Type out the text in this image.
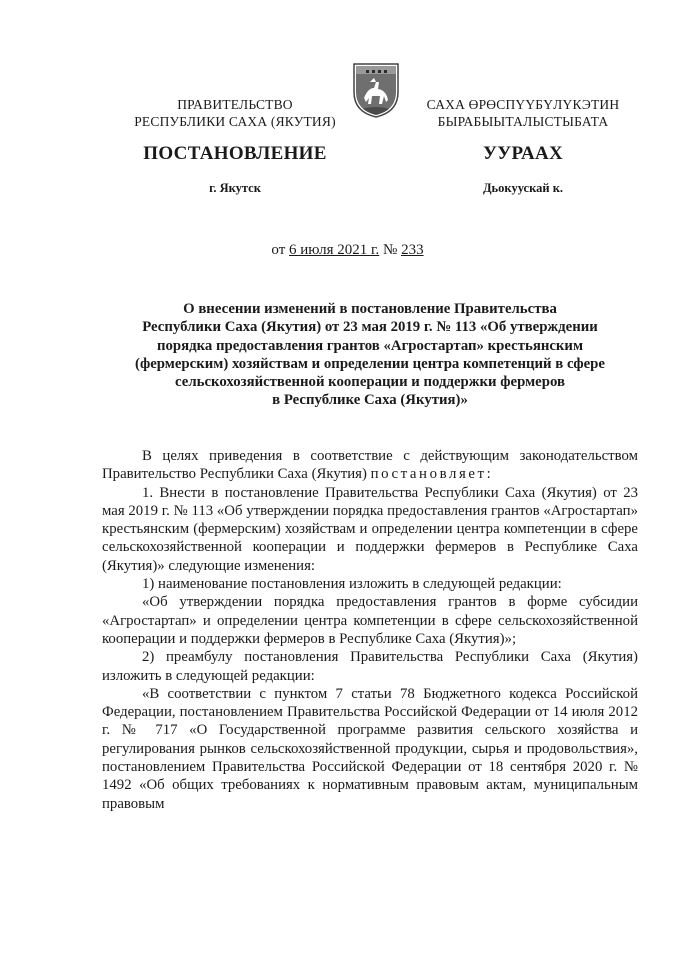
ПРАВИТЕЛЬСТВО
РЕСПУБЛИКИ САХА (ЯКУТИЯ)
САХА ӨРӨСПҮҮБҮЛҮКЭТИН
БЫРАБЫЫТАЛЫСТЫБАТА
ПОСТАНОВЛЕНИЕ	УУРААХ
г. Якутск	Дьокуускай к.
от 6 июля 2021 г. № 233
О внесении изменений в постановление Правительства
Республики Саха (Якутия) от 23 мая 2019 г. № 113 «Об утверждении
порядка предоставления грантов «Агростартап» крестьянским
(фермерским) хозяйствам и определении центра компетенций в сфере
сельскохозяйственной кооперации и поддержки фермеров
в Республике Саха (Якутия)»

В целях приведения в соответствие с действующим законодательством Правительство Республики Саха (Якутия) постановляет:

1. Внести в постановление Правительства Республики Саха (Якутия) от 23 мая 2019 г. № 113 «Об утверждении порядка предоставления грантов «Агростартап» крестьянским (фермерским) хозяйствам и определении центра компетенции в сфере сельскохозяйственной кооперации и поддержки фермеров в Республике Саха (Якутия)» следующие изменения:

1) наименование постановления изложить в следующей редакции:

«Об утверждении порядка предоставления грантов в форме субсидии «Агростартап» и определении центра компетенции в сфере сельскохозяйственной кооперации и поддержки фермеров в Республике Саха (Якутия)»;

2) преамбулу постановления Правительства Республики Саха (Якутия) изложить в следующей редакции:

«В соответствии с пунктом 7 статьи 78 Бюджетного кодекса Российской Федерации, постановлением Правительства Российской Федерации от 14 июля 2012 г. № 717 «О Государственной программе развития сельского хозяйства и регулирования рынков сельскохозяйственной продукции, сырья и продовольствия», постановлением Правительства Российской Федерации от 18 сентября 2020 г. № 1492 «Об общих требованиях к нормативным правовым актам, муниципальным правовым
